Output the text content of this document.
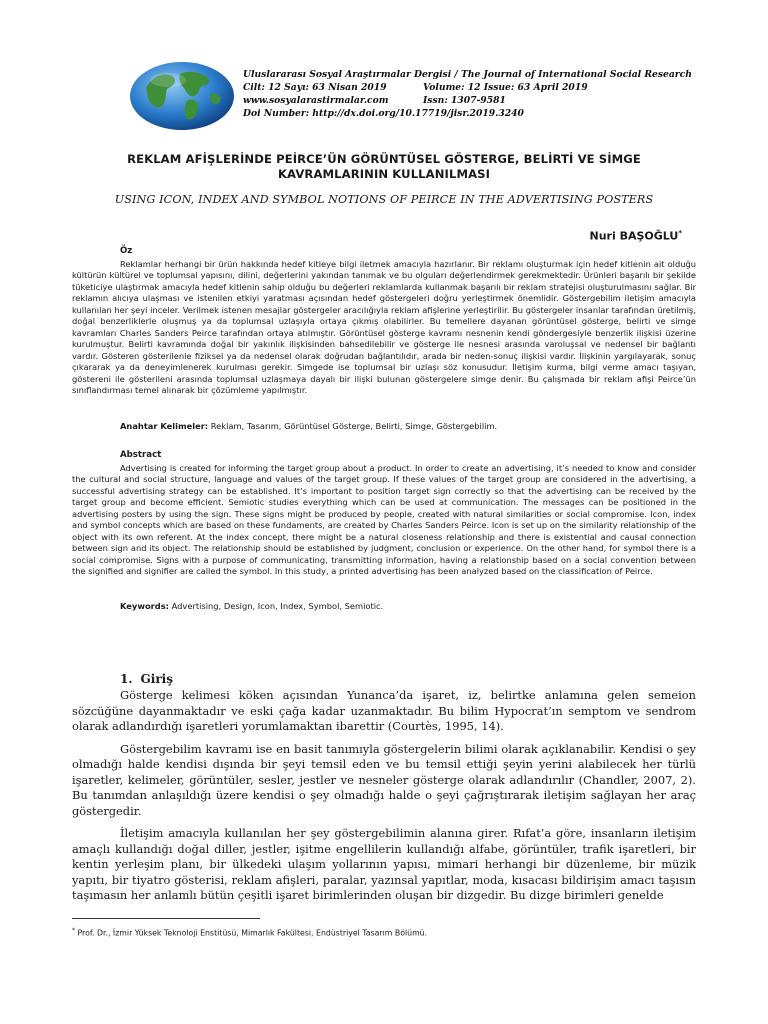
Uluslararası Sosyal Araştırmalar Dergisi / The Journal of International Social Research
Cilt: 12 Sayı: 63 Nisan 2019	Volume: 12 Issue: 63 April 2019
www.sosyalarastirmalar.com	Issn: 1307-9581
Doi Number: http://dx.doi.org/10.17719/jisr.2019.3240
REKLAM AFİŞLERİNDE PEİRCE’ÜN GÖRÜNTÜSEL GÖSTERGE, BELİRTİ VE SİMGE
KAVRAMLARININ KULLANILMASI
USING ICON, INDEX AND SYMBOL NOTIONS OF PEIRCE IN THE ADVERTISING POSTERS
Nuri BAŞOĞLU*
Öz

Reklamlar herhangi bir ürün hakkında hedef kitleye bilgi iletmek amacıyla hazırlanır. Bir reklamı oluşturmak için hedef kitlenin ait olduğu kültürün kültürel ve toplumsal yapısını, dilini, değerlerini yakından tanımak ve bu olguları değerlendirmek gerekmektedir. Ürünleri başarılı bir şekilde tüketiciye ulaştırmak amacıyla hedef kitlenin sahip olduğu bu değerleri reklamlarda kullanmak başarılı bir reklam stratejisi oluşturulmasını sağlar. Bir reklamın alıcıya ulaşması ve istenilen etkiyi yaratması açısından hedef göstergeleri doğru yerleştirmek önemlidir. Göstergebilim iletişim amacıyla kullanılan her şeyi inceler. Verilmek istenen mesajlar göstergeler aracılığıyla reklam afişlerine yerleştirilir. Bu göstergeler insanlar tarafından üretilmiş, doğal benzerliklerle oluşmuş ya da toplumsal uzlaşıyla ortaya çıkmış olabilirler. Bu temellere dayanan görüntüsel gösterge, belirti ve simge kavramları Charles Sanders Peirce tarafından ortaya atılmıştır. Görüntüsel gösterge kavramı nesnenin kendi göndergesiyle benzerlik ilişkisi üzerine kurulmuştur. Belirti kavramında doğal bir yakınlık ilişkisinden bahsedilebilir ve gösterge ile nesnesi arasında varoluşsal ve nedensel bir bağlantı vardır. Gösteren gösterilenle fiziksel ya da nedensel olarak doğrudan bağlantılıdır, arada bir neden-sonuç ilişkisi vardır. İlişkinin yargılayarak, sonuç çıkararak ya da deneyimlenerek kurulması gerekir. Simgede ise toplumsal bir uzlaşı söz konusudur. İletişim kurma, bilgi verme amacı taşıyan, göstereni ile gösterileni arasında toplumsal uzlaşmaya dayalı bir ilişki bulunan göstergelere simge denir. Bu çalışmada bir reklam afişi Peirce’ün sınıflandırması temel alınarak bir çözümleme yapılmıştır.

Anahtar Kelimeler: Reklam, Tasarım, Görüntüsel Gösterge, Belirti, Simge, Göstergebilim.
Abstract

Advertising is created for informing the target group about a product. In order to create an advertising, it’s needed to know and consider the cultural and social structure, language and values of the target group. If these values of the target group are considered in the advertising, a successful advertising strategy can be established. It’s important to position target sign correctly so that the advertising can be received by the target group and become efficient. Semiotic studies everything which can be used at communication. The messages can be positioned in the advertising posters by using the sign. These signs might be produced by people, created with natural similarities or social compromise. Icon, index and symbol concepts which are based on these fundaments, are created by Charles Sanders Peirce. Icon is set up on the similarity relationship of the object with its own referent. At the index concept, there might be a natural closeness relationship and there is existential and causal connection between sign and its object. The relationship should be established by judgment, conclusion or experience. On the other hand, for symbol there is a social compromise. Signs with a purpose of communicating, transmitting information, having a relationship based on a social convention between the signified and signifier are called the symbol. In this study, a printed advertising has been analyzed based on the classification of Peirce.

Keywords: Advertising, Design, Icon, Index, Symbol, Semiotic.
1. Giriş

Gösterge kelimesi köken açısından Yunanca’da işaret, iz, belirtke anlamına gelen semeion sözcüğüne dayanmaktadır ve eski çağa kadar uzanmaktadır. Bu bilim Hypocrat’ın semptom ve sendrom olarak adlandırdığı işaretleri yorumlamaktan ibarettir (Courtès, 1995, 14).

Göstergebilim kavramı ise en basit tanımıyla göstergelerin bilimi olarak açıklanabilir. Kendisi o şey olmadığı halde kendisi dışında bir şeyi temsil eden ve bu temsil ettiği şeyin yerini alabilecek her türlü işaretler, kelimeler, görüntüler, sesler, jestler ve nesneler gösterge olarak adlandırılır (Chandler, 2007, 2). Bu tanımdan anlaşıldığı üzere kendisi o şey olmadığı halde o şeyi çağrıştırarak iletişim sağlayan her araç göstergedir.

İletişim amacıyla kullanılan her şey göstergebilimin alanına girer. Rıfat’a göre, insanların iletişim amaçlı kullandığı doğal diller, jestler, işitme engellilerin kullandığı alfabe, görüntüler, trafik işaretleri, bir kentin yerleşim planı, bir ülkedeki ulaşım yollarının yapısı, mimari herhangi bir düzenleme, bir müzik yapıtı, bir tiyatro gösterisi, reklam afişleri, paralar, yazınsal yapıtlar, moda, kısacası bildirişim amacı taşısın taşımasın her anlamlı bütün çeşitli işaret birimlerinden oluşan bir dizgedir. Bu dizge birimleri genelde

* Prof. Dr., İzmir Yüksek Teknoloji Enstitüsü, Mimarlık Fakültesi, Endüstriyel Tasarım Bölümü.
